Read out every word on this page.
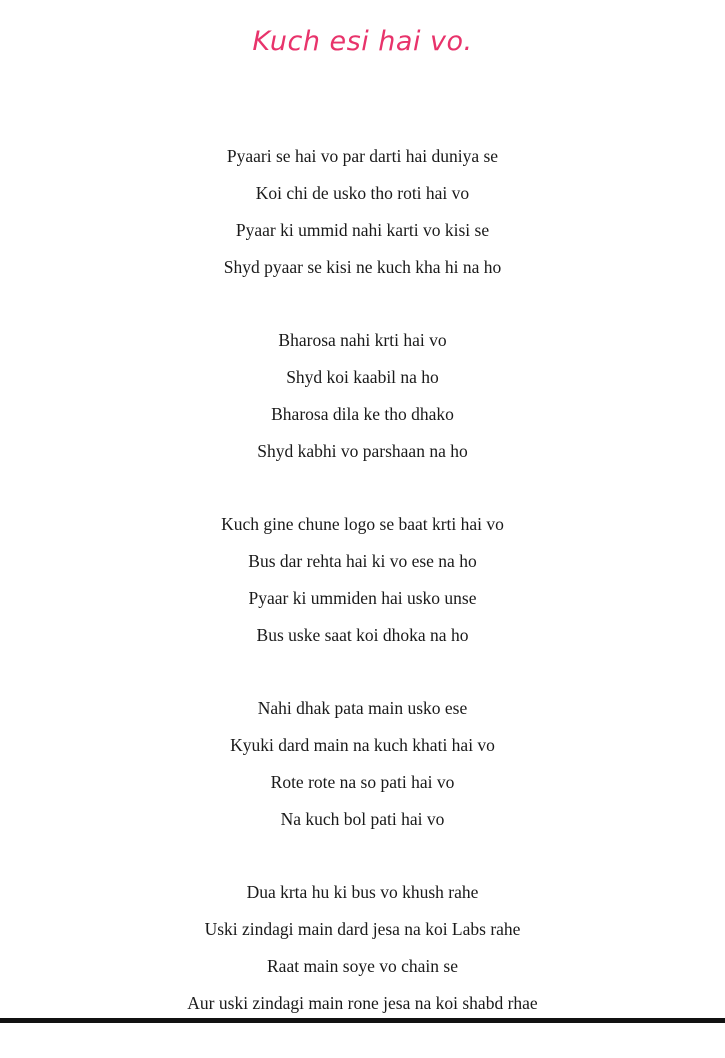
Kuch esi hai vo.
Pyaari se hai vo par darti hai duniya se
Koi chi de usko tho roti hai vo
Pyaar ki ummid nahi karti vo kisi se
Shyd pyaar se kisi ne kuch kha hi na ho
Bharosa nahi krti hai vo
Shyd koi kaabil na ho
Bharosa dila ke tho dhako
Shyd kabhi vo parshaan na ho
Kuch gine chune logo se baat krti hai vo
Bus dar rehta hai ki vo ese na ho
Pyaar ki ummiden hai usko unse
Bus uske saat koi dhoka na ho
Nahi dhak pata main usko ese
Kyuki dard main na kuch khati hai vo
Rote rote na so pati hai vo
Na kuch bol pati hai vo
Dua krta hu ki bus vo khush rahe
Uski zindagi main dard jesa na koi Labs rahe
Raat main soye vo chain se
Aur uski zindagi main rone jesa na koi shabd rhae
